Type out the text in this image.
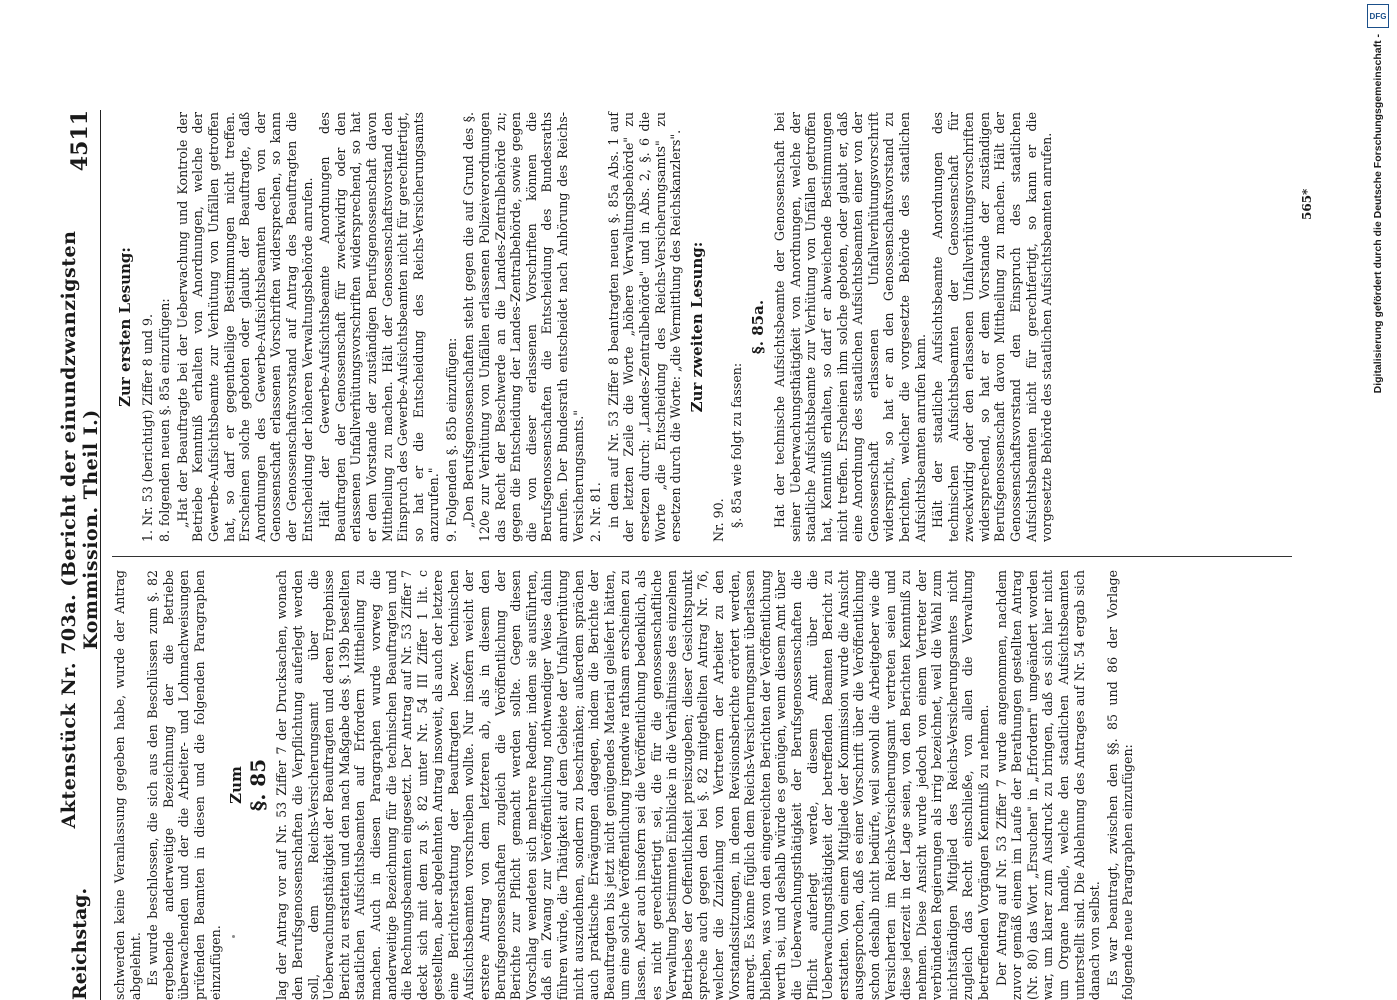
Reichstag.
Aktenstück Nr. 703a. (Bericht der einundzwanzigsten Kommission. Theil I.)
4511

schwerden keine Veranlassung gegeben habe, wurde der Antrag abgelehnt. Es wurde beschlossen, die sich aus den Beschlüssen zum §. 82 ergebende anderweitige Bezeichnung der die Betriebe überwachenden und der die Arbeiter- und Lohnnachweisungen prüfenden Beamten in diesen und die folgenden Paragraphen einzufügen.

Zum §. 85 lag der Antrag vor auf Nr. 53 Ziffer 7 der Drucksachen, wonach den Berufsgenossenschaften die Verpflichtung auferlegt werden soll, dem Reichs-Versicherungsamt über die Ueberwachungsthätigkeit der Beauftragten und deren Ergebnisse Bericht zu erstatten und den nach Maßgabe des §. 139b bestellten staatlichen Aufsichtsbeamten auf Erfordern Mittheilung zu machen. Auch in diesen Paragraphen wurde vorweg die anderweitige Bezeichnung für die technischen Beauftragten und die Rechnungsbeamten eingesetzt. Der Antrag auf Nr. 53 Ziffer 7 deckt sich mit dem zu §. 82 unter Nr. 54 III Ziffer 1 lit. c gestellten, aber abgelehnten Antrag insoweit, als auch der letztere eine Berichterstattung der Beauftragten bezw. technischen Aufsichtsbeamten vorschreiben wollte. Nur insofern weicht der erstere Antrag von dem letzteren ab, als in diesem den Berufsgenossenschaften zugleich die Veröffentlichung der Berichte zur Pflicht gemacht werden sollte. Gegen diesen Vorschlag wendeten sich mehrere Redner, indem sie ausführten, daß ein Zwang zur Veröffentlichung nothwendiger Weise dahin führen würde, die Thätigkeit auf dem Gebiete der Unfallverhütung nicht auszudehnen, sondern zu beschränken; außerdem sprächen auch praktische Erwägungen dagegen, indem die Berichte der Beauftragten bis jetzt nicht genügendes Material geliefert hätten, um eine solche Veröffentlichung irgendwie rathsam erscheinen zu lassen. Aber auch insofern sei die Veröffentlichung bedenklich, als es nicht gerechtfertigt sei, die für die genossenschaftliche Verwaltung bestimmten Einblicke in die Verhältnisse des einzelnen Betriebes der Oeffentlichkeit preiszugeben; dieser Gesichtspunkt spreche auch gegen den bei §. 82 mitgetheilten Antrag Nr. 76, welcher die Zuziehung von Vertretern der Arbeiter zu den Vorstandssitzungen, in denen Revisionsberichte erörtert werden, anregt. Es könne füglich dem Reichs-Versicherungsamt überlassen bleiben, was von den eingereichten Berichten der Veröffentlichung werth sei, und deshalb würde es genügen, wenn diesem Amt über die Ueberwachungsthätigkeit der Berufsgenossenschaften die Pflicht auferlegt werde, diesem Amt über die Ueberwachungsthätigkeit der betreffenden Beamten Bericht zu erstatten. Von einem Mitgliede der Kommission wurde die Ansicht ausgesprochen, daß es einer Vorschrift über die Veröffentlichung schon deshalb nicht bedürfe, weil sowohl die Arbeitgeber wie die Versicherten im Reichs-Versicherungsamt vertreten seien und diese jederzeit in der Lage seien, von den Berichten Kenntniß zu nehmen. Diese Ansicht wurde jedoch von einem Vertreter der verbündeten Regierungen als irrig bezeichnet, weil die Wahl zum nichtständigen Mitglied des Reichs-Versicherungsamtes nicht zugleich das Recht einschließe, von allen die Verwaltung betreffenden Vorgängen Kenntniß zu nehmen. Der Antrag auf Nr. 53 Ziffer 7 wurde angenommen, nachdem zuvor gemäß einem im Laufe der Berathungen gestellten Antrag (Nr. 80) das Wort „Ersuchen" in „Erfordern" umgeändert worden war, um klarer zum Ausdruck zu bringen, daß es sich hier nicht um Organe handle, welche den staatlichen Aufsichtsbeamten unterstellt sind. Die Ablehnung des Antrages auf Nr. 54 ergab sich danach von selbst. Es war beantragt, zwischen den §§. 85 und 86 der Vorlage folgende neue Paragraphen einzufügen:

Zur ersten Lesung: 1. Nr. 53 (berichtigt) Ziffer 8 und 9. 8. folgenden neuen §. 85a einzufügen: „Hat der Beauftragte bei der Ueberwachung und Kontrole der Betriebe Kenntniß erhalten von Anordnungen, welche der Gewerbe-Aufsichtsbeamte zur Verhütung von Unfällen getroffen hat, so darf er gegentheilige Bestimmungen nicht treffen. Erscheinen solche geboten oder glaubt der Beauftragte, daß Anordnungen des Gewerbe-Aufsichtsbeamten den von der Genossenschaft erlassenen Vorschriften widersprechen, so kann der Genossenschaftsvorstand auf Antrag des Beauftragten die Entscheidung der höheren Verwaltungsbehörde anrufen. Hält der Gewerbe-Aufsichtsbeamte Anordnungen des Beauftragten der Genossenschaft für zweckwidrig oder den erlassenen Unfallverhütungsvorschriften widersprechend, so hat er dem Vorstande der zuständigen Berufsgenossenschaft davon Mittheilung zu machen. Hält der Genossenschaftsvorstand den Einspruch des Gewerbe-Aufsichtsbeamten nicht für gerechtfertigt, so hat er die Entscheidung des Reichs-Versicherungsamts anzurufen." 9. Folgenden §. 85b einzufügen: „Den Berufsgenossenschaften steht gegen die auf Grund des §. 120e zur Verhütung von Unfällen erlassenen Polizeiverordnungen das Recht der Beschwerde an die Landes-Zentralbehörde zu; gegen die Entscheidung der Landes-Zentralbehörde, sowie gegen die von dieser erlassenen Vorschriften können die Berufsgenossenschaften die Entscheidung des Bundesraths anrufen. Der Bundesrath entscheidet nach Anhörung des Reichs-Versicherungsamts." 2. Nr. 81. in dem auf Nr. 53 Ziffer 8 beantragten neuen §. 85a Abs. 1 auf der letzten Zeile die Worte „höhere Verwaltungsbehörde" zu ersetzen durch: „Landes-Zentralbehörde" und in Abs. 2, §. 6 die Worte „die Entscheidung des Reichs-Versicherungsamts" zu ersetzen durch die Worte: „die Vermittlung des Reichskanzlers". Zur zweiten Lesung:

Nr. 90. §. 85a wie folgt zu fassen:

§. 85a. Hat der technische Aufsichtsbeamte der Genossenschaft bei seiner Ueberwachungsthätigkeit von Anordnungen, welche der staatliche Aufsichtsbeamte zur Verhütung von Unfällen getroffen hat, Kenntniß erhalten, so darf er abweichende Bestimmungen nicht treffen. Erscheinen ihm solche geboten, oder glaubt er, daß eine Anordnung des staatlichen Aufsichtsbeamten einer von der Genossenschaft erlassenen Unfallverhütungsvorschrift widerspricht, so hat er an den Genossenschaftsvorstand zu berichten, welcher die vorgesetzte Behörde des staatlichen Aufsichtsbeamten anrufen kann. Hält der staatliche Aufsichtsbeamte Anordnungen des technischen Aufsichtsbeamten der Genossenschaft für zweckwidrig oder den erlassenen Unfallverhütungsvorschriften widersprechend, so hat er dem Vorstande der zuständigen Berufsgenossenschaft davon Mittheilung zu machen. Hält der Genossenschaftsvorstand den Einspruch des staatlichen Aufsichtsbeamten nicht für gerechtfertigt, so kann er die vorgesetzte Behörde des staatlichen Aufsichtsbeamten anrufen.	565*
DFG
Digitalisierung gefördert durch die Deutsche Forschungsgemeinschaft -
